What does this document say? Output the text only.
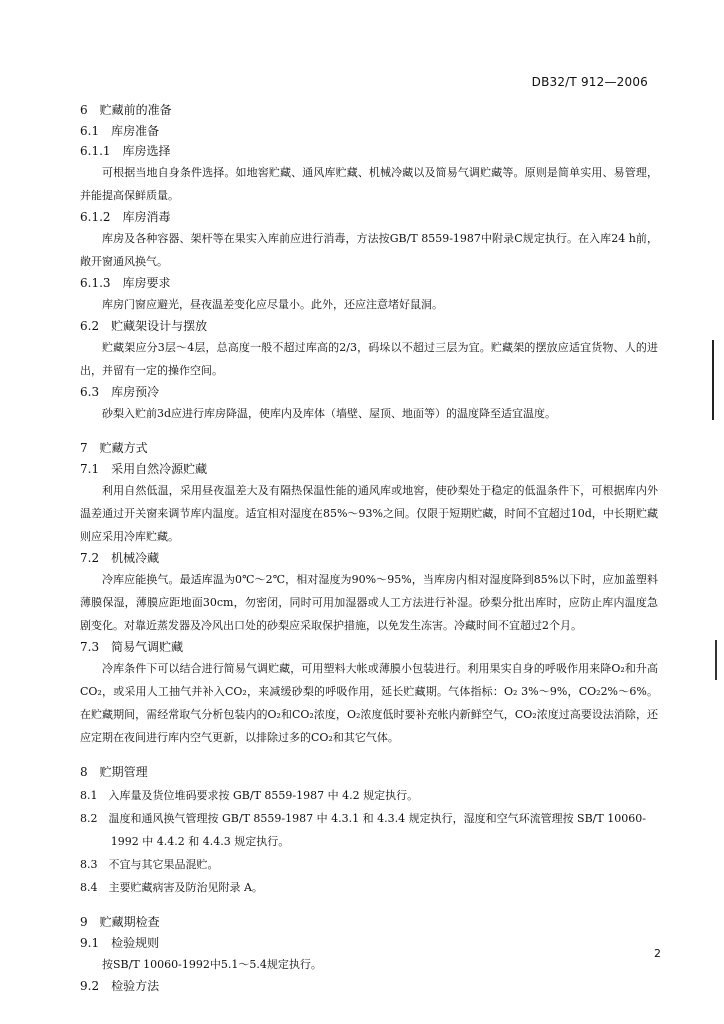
DB32/T 912—2006
6　贮藏前的准备
6.1　库房准备
6.1.1　库房选择
可根据当地自身条件选择。如地窖贮藏、通风库贮藏、机械冷藏以及简易气调贮藏等。原则是简单实用、易管理，并能提高保鲜质量。
6.1.2　库房消毒
库房及各种容器、架杆等在果实入库前应进行消毒，方法按GB/T 8559-1987中附录C规定执行。在入库24 h前，敞开窗通风换气。
6.1.3　库房要求
库房门窗应避光，昼夜温差变化应尽量小。此外，还应注意堵好鼠洞。
6.2　贮藏架设计与摆放
贮藏架应分3层～4层，总高度一般不超过库高的2/3，码垛以不超过三层为宜。贮藏架的摆放应适宜货物、人的进出，并留有一定的操作空间。
6.3　库房预冷
砂梨入贮前3d应进行库房降温，使库内及库体（墙壁、屋顶、地面等）的温度降至适宜温度。
7　贮藏方式
7.1　采用自然冷源贮藏
利用自然低温，采用昼夜温差大及有隔热保温性能的通风库或地窖，使砂梨处于稳定的低温条件下，可根据库内外温差通过开关窗来调节库内温度。适宜相对湿度在85%～93%之间。仅限于短期贮藏，时间不宜超过10d，中长期贮藏则应采用冷库贮藏。
7.2　机械冷藏
冷库应能换气。最适库温为0℃～2℃，相对湿度为90%～95%，当库房内相对湿度降到85%以下时，应加盖塑料薄膜保湿，薄膜应距地面30cm，勿密闭，同时可用加湿器或人工方法进行补湿。砂梨分批出库时，应防止库内温度急剧变化。对靠近蒸发器及冷风出口处的砂梨应采取保护措施，以免发生冻害。冷藏时间不宜超过2个月。
7.3　简易气调贮藏
冷库条件下可以结合进行简易气调贮藏，可用塑料大帐或薄膜小包装进行。利用果实自身的呼吸作用来降O₂和升高CO₂，或采用人工抽气并补入CO₂，来减缓砂梨的呼吸作用，延长贮藏期。气体指标：O₂ 3%～9%，CO₂2%～6%。在贮藏期间，需经常取气分析包装内的O₂和CO₂浓度，O₂浓度低时要补充帐内新鲜空气，CO₂浓度过高要设法消除，还应定期在夜间进行库内空气更新，以排除过多的CO₂和其它气体。
8　贮期管理
8.1　入库量及货位堆码要求按 GB/T 8559-1987 中 4.2 规定执行。
8.2　温度和通风换气管理按 GB/T 8559-1987 中 4.3.1 和 4.3.4 规定执行，湿度和空气环流管理按 SB/T 10060-1992 中 4.4.2 和 4.4.3 规定执行。
8.3　不宜与其它果品混贮。
8.4　主要贮藏病害及防治见附录 A。
9　贮藏期检查
9.1　检验规则
按SB/T 10060-1992中5.1～5.4规定执行。
9.2　检验方法
2
